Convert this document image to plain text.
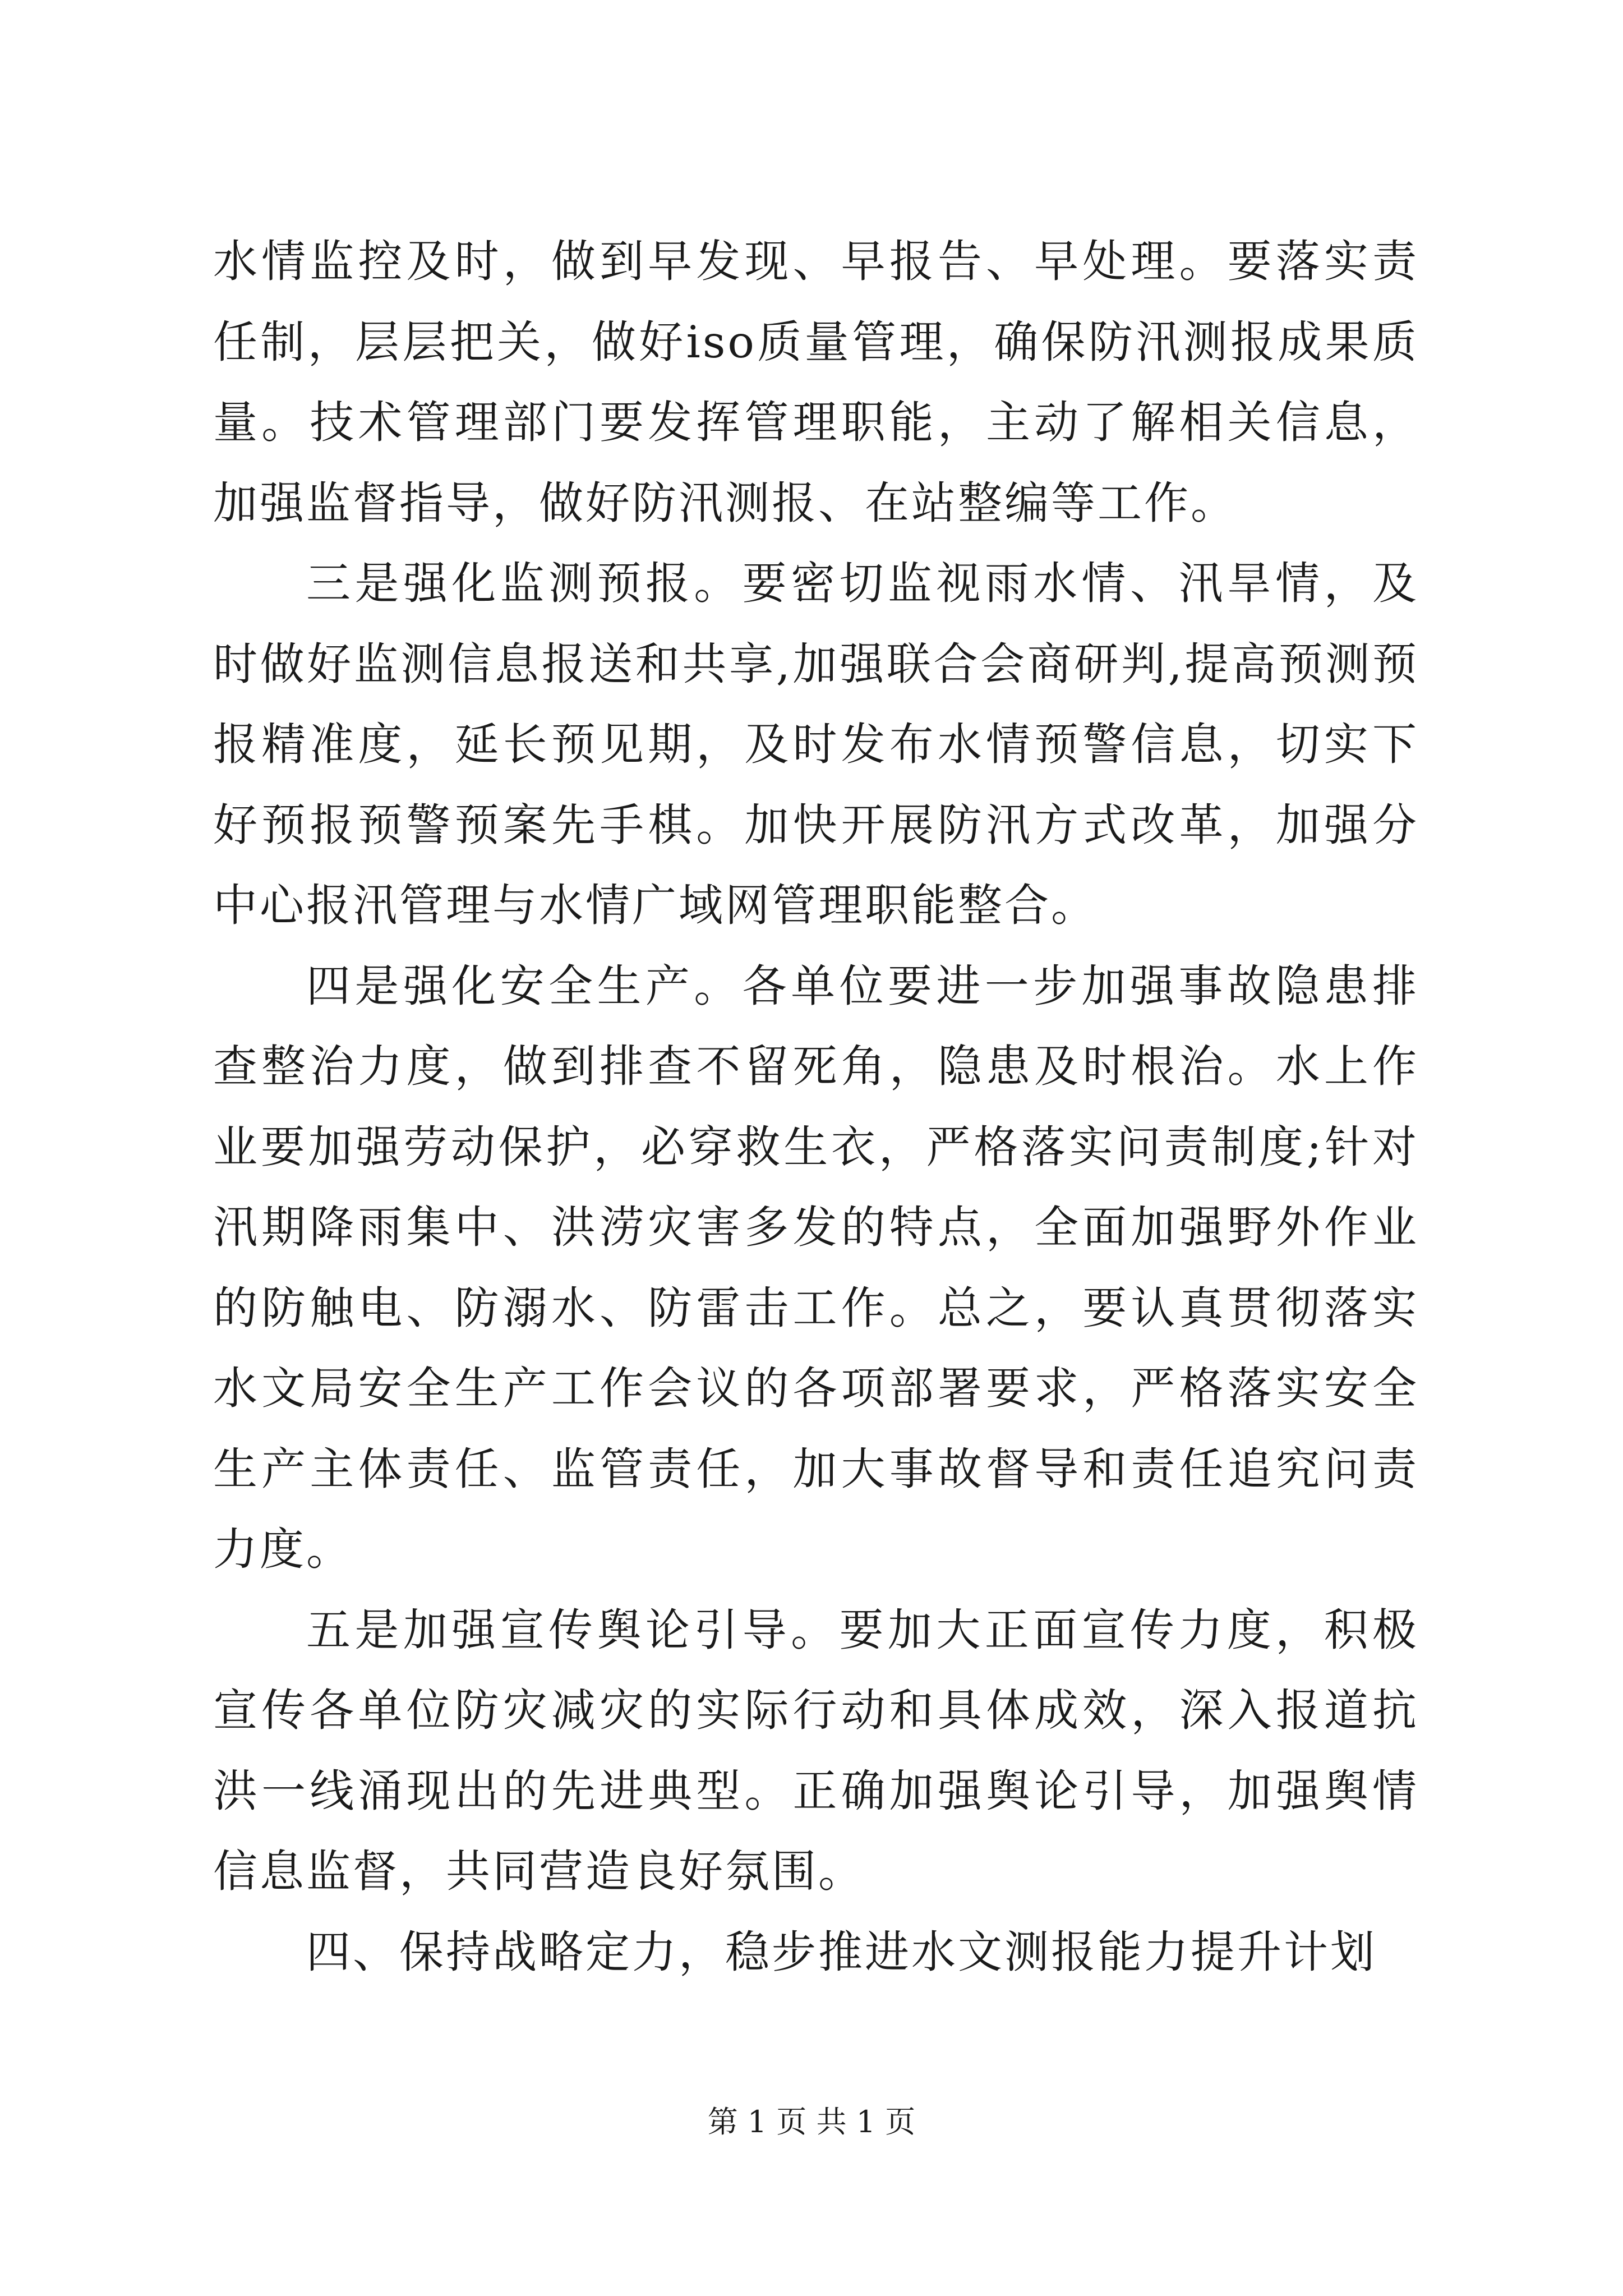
水情监控及时，做到早发现、早报告、早处理。要落实责任制，层层把关，做好iso质量管理，确保防汛测报成果质量。技术管理部门要发挥管理职能，主动了解相关信息，加强监督指导，做好防汛测报、在站整编等工作。

三是强化监测预报。要密切监视雨水情、汛旱情，及时做好监测信息报送和共享,加强联合会商研判,提高预测预报精准度，延长预见期，及时发布水情预警信息，切实下好预报预警预案先手棋。加快开展防汛方式改革，加强分中心报汛管理与水情广域网管理职能整合。

四是强化安全生产。各单位要进一步加强事故隐患排查整治力度，做到排查不留死角，隐患及时根治。水上作业要加强劳动保护，必穿救生衣，严格落实问责制度;针对汛期降雨集中、洪涝灾害多发的特点，全面加强野外作业的防触电、防溺水、防雷击工作。总之，要认真贯彻落实水文局安全生产工作会议的各项部署要求，严格落实安全生产主体责任、监管责任，加大事故督导和责任追究问责力度。

五是加强宣传舆论引导。要加大正面宣传力度，积极宣传各单位防灾减灾的实际行动和具体成效，深入报道抗洪一线涌现出的先进典型。正确加强舆论引导，加强舆情信息监督，共同营造良好氛围。

四、保持战略定力，稳步推进水文测报能力提升计划

第 1 页 共 1 页
